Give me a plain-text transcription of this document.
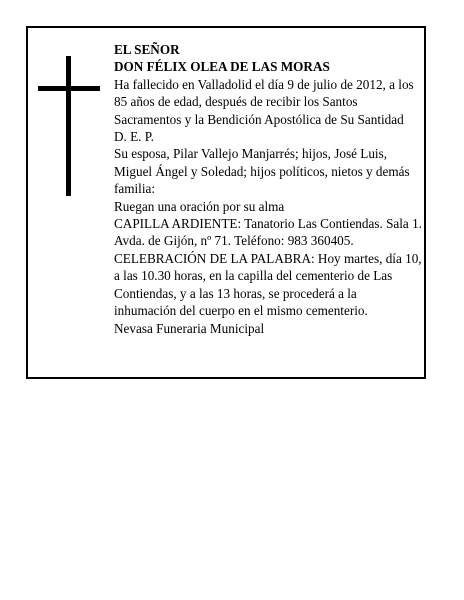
EL SEÑOR

DON FÉLIX OLEA DE LAS MORAS

Ha fallecido en Valladolid el día 9 de julio de 2012, a los 85 años de edad, después de recibir los Santos Sacramentos y la Bendición Apostólica de Su Santidad

D. E. P.

Su esposa, Pilar Vallejo Manjarrés; hijos, José Luis, Miguel Ángel y Soledad; hijos políticos, nietos y demás familia:

Ruegan una oración por su alma

CAPILLA ARDIENTE: Tanatorio Las Contiendas. Sala 1. Avda. de Gijón, nº 71. Teléfono: 983 360405.

CELEBRACIÓN DE LA PALABRA: Hoy martes, día 10, a las 10.30 horas, en la capilla del cementerio de Las Contiendas, y a las 13 horas, se procederá a la inhumación del cuerpo en el mismo cementerio.

Nevasa Funeraria Municipal
